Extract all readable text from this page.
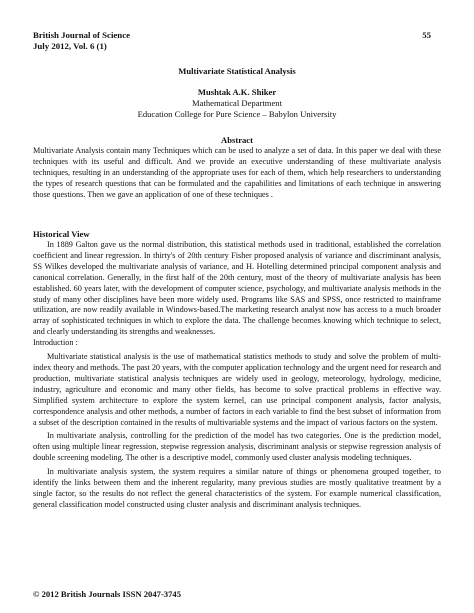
British Journal of Science
July 2012, Vol. 6 (1)
55
Multivariate Statistical Analysis
Mushtak A.K. Shiker
Mathematical Department
Education College for Pure Science – Babylon University
Abstract
Multivariate Analysis contain many Techniques which can be used to analyze a set of data. In this paper we deal with these techniques with its useful and difficult. And we provide an executive understanding of these multivariate analysis techniques, resulting in an understanding of the appropriate uses for each of them, which help researchers to understanding the types of research questions that can be formulated and the capabilities and limitations of each technique in answering those questions. Then we gave an application of one of these techniques .
Historical View

In 1889 Galton gave us the normal distribution, this statistical methods used in traditional, established the correlation coefficient and linear regression. In thirty's of 20th century Fisher proposed analysis of variance and discriminant analysis, SS Wilkes developed the multivariate analysis of variance, and H. Hotelling determined principal component analysis and canonical correlation. Generally, in the first half of the 20th century, most of the theory of multivariate analysis has been established. 60 years later, with the development of computer science, psychology, and multivariate analysis methods in the study of many other disciplines have been more widely used. Programs like SAS and SPSS, once restricted to mainframe utilization, are now readily available in Windows-based.The marketing research analyst now has access to a much broader array of sophisticated techniques in which to explore the data. The challenge becomes knowing which technique to select, and clearly understanding its strengths and weaknesses.

Introduction :

Multivariate statistical analysis is the use of mathematical statistics methods to study and solve the problem of multi-index theory and methods. The past 20 years, with the computer application technology and the urgent need for research and production, multivariate statistical analysis techniques are widely used in geology, meteorology, hydrology, medicine, industry, agriculture and economic and many other fields, has become to solve practical problems in effective way. Simplified system architecture to explore the system kernel, can use principal component analysis, factor analysis, correspondence analysis and other methods, a number of factors in each variable to find the best subset of information from a subset of the description contained in the results of multivariable systems and the impact of various factors on the system.

In multivariate analysis, controlling for the prediction of the model has two categories. One is the prediction model, often using multiple linear regression, stepwise regression analysis, discriminant analysis or stepwise regression analysis of double screening modeling. The other is a descriptive model, commonly used cluster analysis modeling techniques.

In multivariate analysis system, the system requires a similar nature of things or phenomena grouped together, to identify the links between them and the inherent regularity, many previous studies are mostly qualitative treatment by a single factor, so the results do not reflect the general characteristics of the system. For example numerical classification, general classification model constructed using cluster analysis and discriminant analysis techniques.

© 2012 British Journals ISSN 2047-3745
